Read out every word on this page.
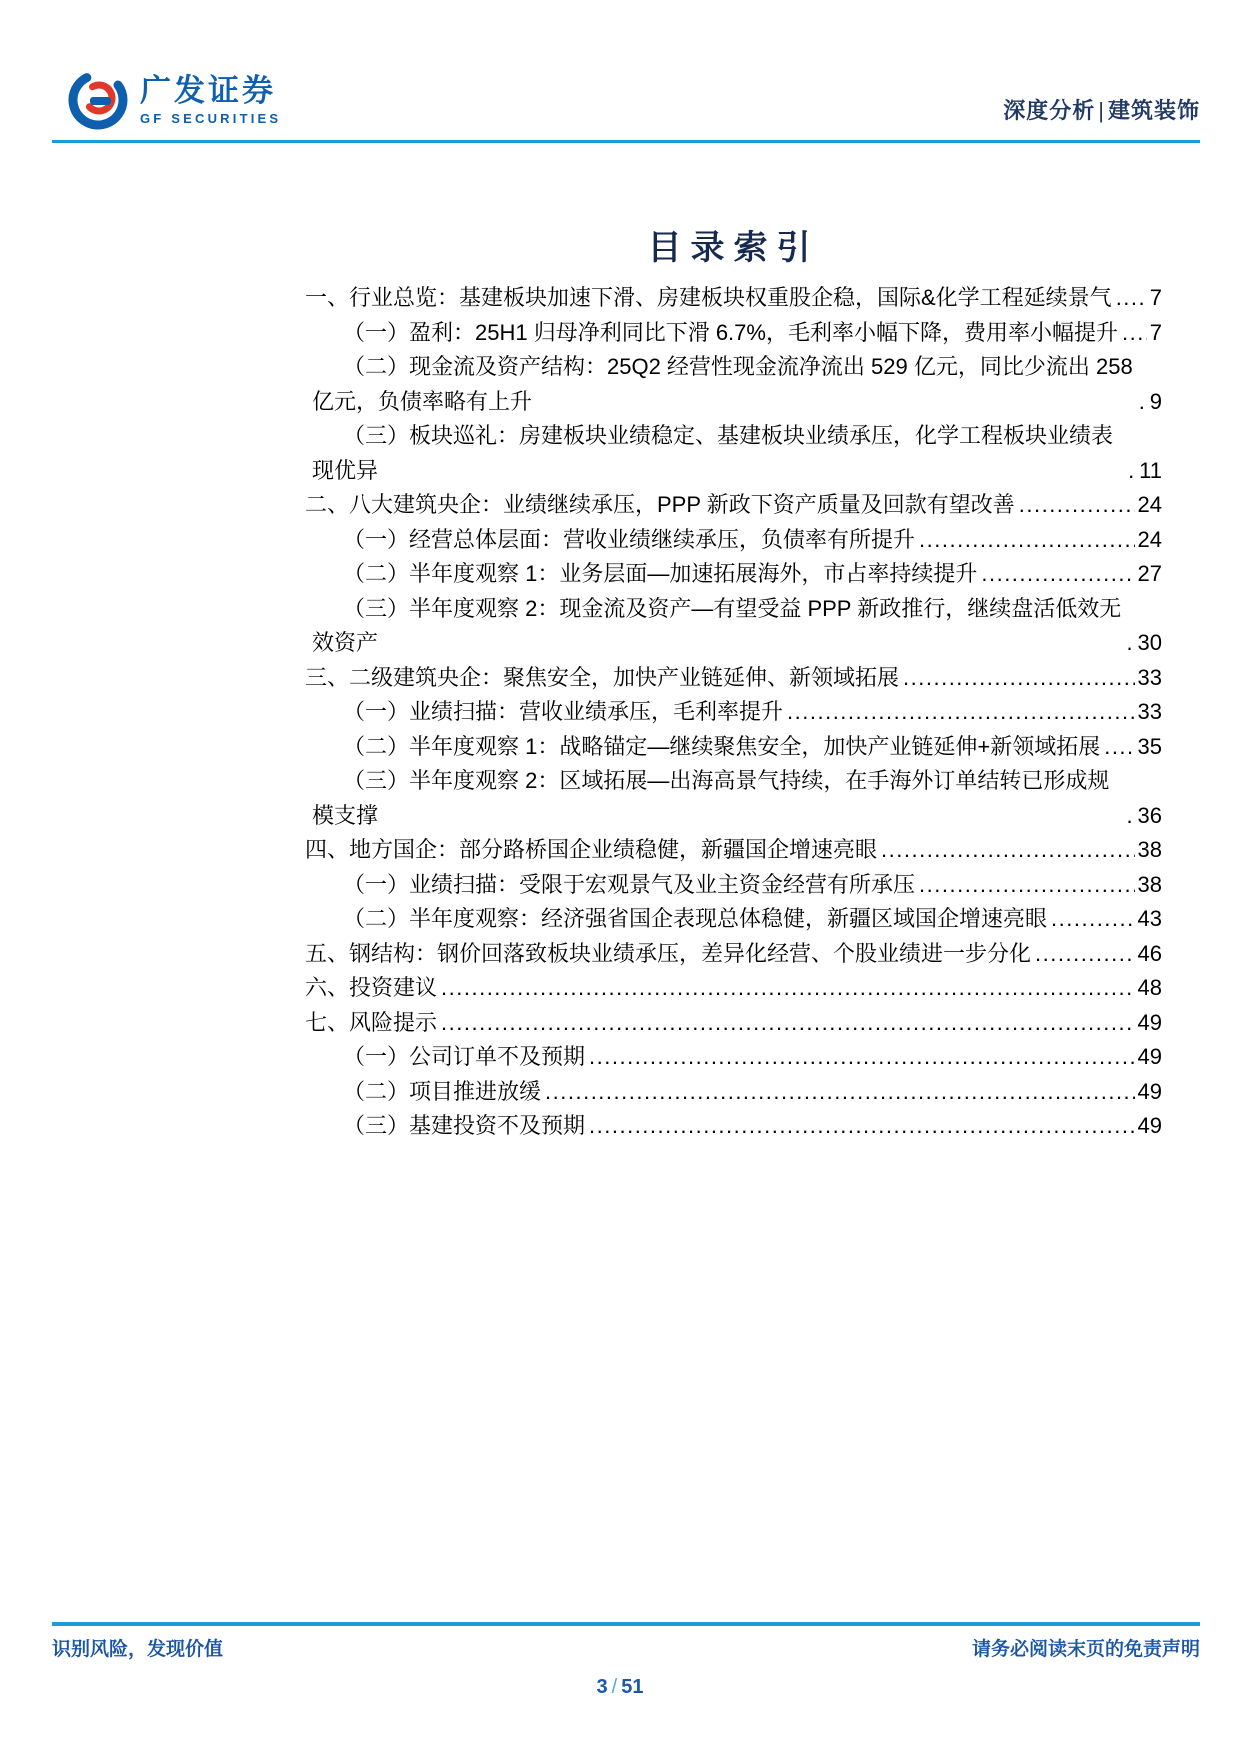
广发证券
GF SECURITIES	深度分析 | 建筑装饰
目录索引
一、行业总览：基建板块加速下滑、房建板块权重股企稳，国际&化学工程延续景气 ..... 7
（一）盈利：25H1 归母净利同比下滑 6.7%，毛利率小幅下降，费用率小幅提升 ..... 7
（二）现金流及资产结构：25Q2 经营性现金流净流出 529 亿元，同比少流出 258 亿元，负债率略有上升 .....	9
（三）板块巡礼：房建板块业绩稳定、基建板块业绩承压，化学工程板块业绩表现优异 .....	11
二、八大建筑央企：业绩继续承压，PPP 新政下资产质量及回款有望改善 .....	24
（一）经营总体层面：营收业绩继续承压，负债率有所提升 .....	24
（二）半年度观察 1：业务层面—加速拓展海外，市占率持续提升 .....	27
（三）半年度观察 2：现金流及资产—有望受益 PPP 新政推行，继续盘活低效无效资产 .....	30
三、二级建筑央企：聚焦安全，加快产业链延伸、新领域拓展 .....	33
（一）业绩扫描：营收业绩承压，毛利率提升 .....	33
（二）半年度观察 1：战略锚定—继续聚焦安全，加快产业链延伸+新领域拓展 ..... 35
（三）半年度观察 2：区域拓展—出海高景气持续，在手海外订单结转已形成规模支撑 .....	36
四、地方国企：部分路桥国企业绩稳健，新疆国企增速亮眼 .....	38
（一）业绩扫描：受限于宏观景气及业主资金经营有所承压 .....	38
（二）半年度观察：经济强省国企表现总体稳健，新疆区域国企增速亮眼 .....	43
五、钢结构：钢价回落致板块业绩承压，差异化经营、个股业绩进一步分化 .....	46
六、投资建议 .....	48
七、风险提示 .....	49
（一）公司订单不及预期 .....	49
（二）项目推进放缓 .....	49
（三）基建投资不及预期 .....	49
识别风险，发现价值	请务必阅读末页的免责声明
3 / 51
